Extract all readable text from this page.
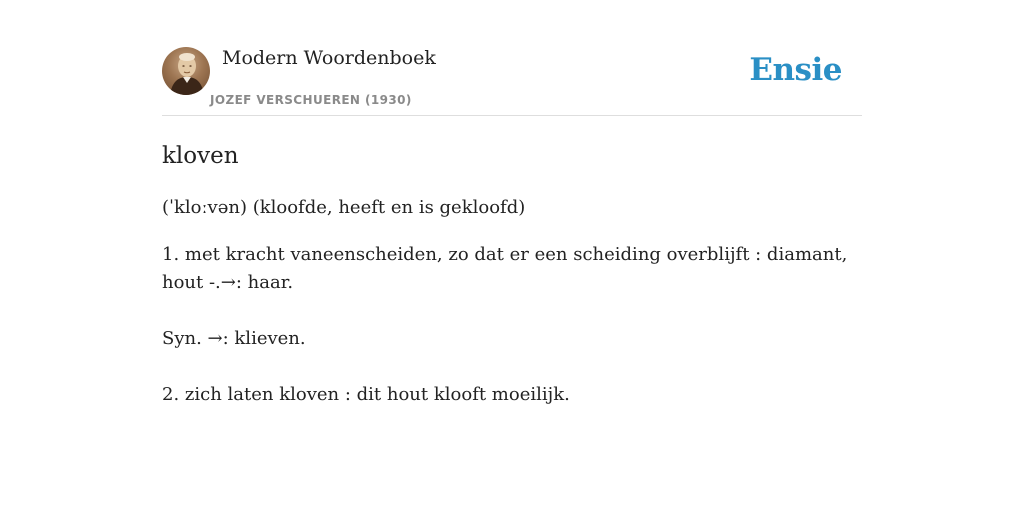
Modern Woordenboek
JOZEF VERSCHUEREN (1930)
Ensie
kloven
(ˈkloːvən) (kloofde, heeft en is gekloofd)
1. met kracht vaneenscheiden, zo dat er een scheiding overblijft : diamant, hout -.→: haar.
Syn. →: klieven.
2. zich laten kloven : dit hout klooft moeilijk.
